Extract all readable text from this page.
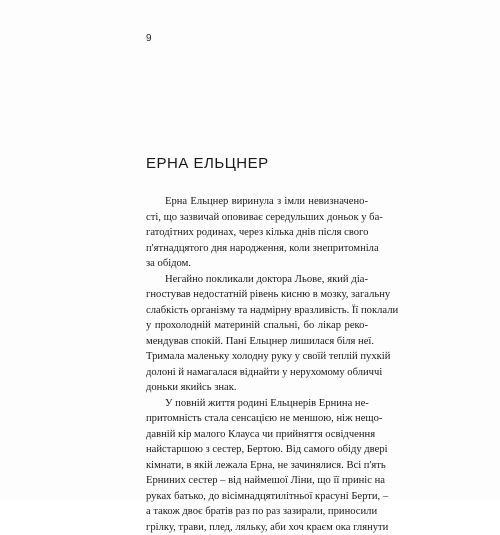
9
ЕРНА ЕЛЬЦНЕР
Ерна Ельцнер виринула з імли невизначено-
сті, що зазвичай оповиває середульших доньок у ба-
гатодітних родинах, через кілька днів після свого
п'ятнадцятого дня народження, коли знепритомніла
за обідом.
Негайно покликали доктора Льове, який діа-
гностував недостатній рівень кисню в мозку, загальну
слабкість організму та надмірну вразливість. Її поклали
у прохолодній материній спальні, бо лікар реко-
мендував спокій. Пані Ельцнер лишилася біля неї.
Тримала маленьку холодну руку у своїй теплій пухкій
долоні й намагалася віднайти у нерухомому обличчі
доньки якийсь знак.
У повній життя родині Ельцнерів Ернина не-
притомність стала сенсацією не меншою, ніж нещо-
давній кір малого Клауса чи прийняття освідчення
найстаршою з сестер, Бертою. Від самого обіду двері
кімнати, в якій лежала Ерна, не зачинялися. Всі п'ять
Ерниних сестер – від наймешої Ліни, що її приніс на
руках батько, до вісімнадцятилітньої красуні Берти, –
а також двоє братів раз по раз зазирали, приносили
грілку, трави, плед, ляльку, аби хоч краєм ока глянути
